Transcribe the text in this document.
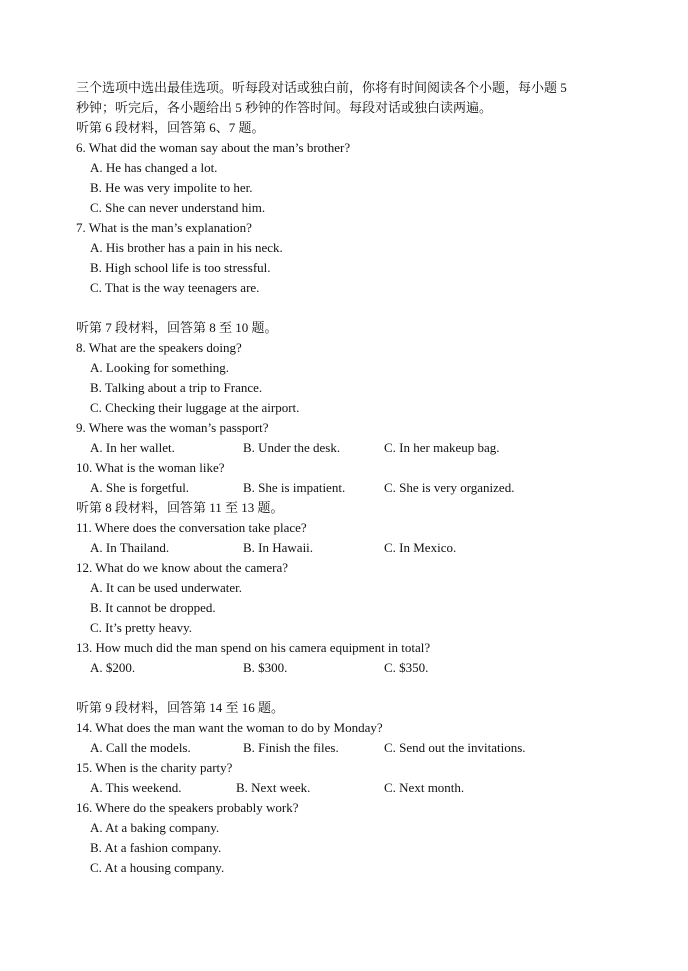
三个选项中选出最佳选项。听每段对话或独白前，你将有时间阅读各个小题，每小题 5
秒钟；听完后，各小题给出 5 秒钟的作答时间。每段对话或独白读两遍。
听第 6 段材料，回答第 6、7 题。
6. What did the woman say about the man’s brother?
A. He has changed a lot.
B. He was very impolite to her.
C. She can never understand him.
7. What is the man’s explanation?
A. His brother has a pain in his neck.
B. High school life is too stressful.
C. That is the way teenagers are.
听第 7 段材料，回答第 8 至 10 题。
8. What are the speakers doing?
A. Looking for something.
B. Talking about a trip to France.
C. Checking their luggage at the airport.
9. Where was the woman’s passport?
A. In her wallet.	B. Under the desk.	C. In her makeup bag.
10. What is the woman like?
A. She is forgetful.	B. She is impatient.	C. She is very organized.
听第 8 段材料，回答第 11 至 13 题。
11. Where does the conversation take place?
A. In Thailand.	B. In Hawaii.	C. In Mexico.
12. What do we know about the camera?
A. It can be used underwater.
B. It cannot be dropped.
C. It’s pretty heavy.
13. How much did the man spend on his camera equipment in total?
A. $200.	B. $300.	C. $350.
听第 9 段材料，回答第 14 至 16 题。
14. What does the man want the woman to do by Monday?
A. Call the models.	B. Finish the files.	C. Send out the invitations.
15. When is the charity party?
A. This weekend.	B. Next week.	C. Next month.
16. Where do the speakers probably work?
A. At a baking company.
B. At a fashion company.
C. At a housing company.
